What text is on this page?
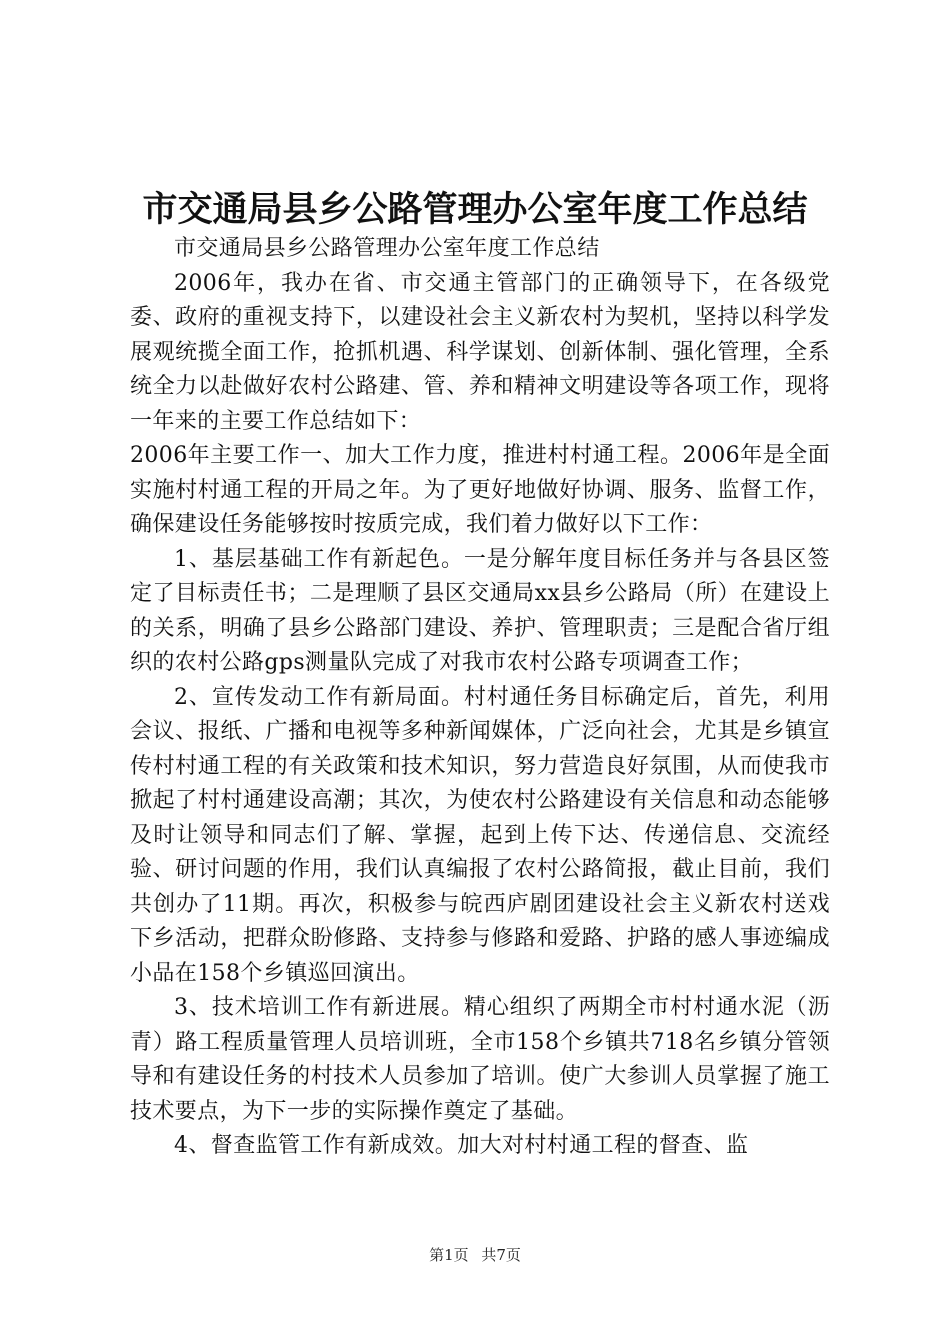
市交通局县乡公路管理办公室年度工作总结

市交通局县乡公路管理办公室年度工作总结

2006年，我办在省、市交通主管部门的正确领导下，在各级党委、政府的重视支持下，以建设社会主义新农村为契机，坚持以科学发展观统揽全面工作，抢抓机遇、科学谋划、创新体制、强化管理，全系统全力以赴做好农村公路建、管、养和精神文明建设等各项工作，现将一年来的主要工作总结如下：

2006年主要工作一、加大工作力度，推进村村通工程。2006年是全面实施村村通工程的开局之年。为了更好地做好协调、服务、监督工作，确保建设任务能够按时按质完成，我们着力做好以下工作：

1、基层基础工作有新起色。一是分解年度目标任务并与各县区签定了目标责任书；二是理顺了县区交通局xx县乡公路局（所）在建设上的关系，明确了县乡公路部门建设、养护、管理职责；三是配合省厅组织的农村公路gps测量队完成了对我市农村公路专项调查工作；

2、宣传发动工作有新局面。村村通任务目标确定后，首先，利用会议、报纸、广播和电视等多种新闻媒体，广泛向社会，尤其是乡镇宣传村村通工程的有关政策和技术知识，努力营造良好氛围，从而使我市掀起了村村通建设高潮；其次，为使农村公路建设有关信息和动态能够及时让领导和同志们了解、掌握，起到上传下达、传递信息、交流经验、研讨问题的作用，我们认真编报了农村公路简报，截止目前，我们共创办了11期。再次，积极参与皖西庐剧团建设社会主义新农村送戏下乡活动，把群众盼修路、支持参与修路和爱路、护路的感人事迹编成小品在158个乡镇巡回演出。

3、技术培训工作有新进展。精心组织了两期全市村村通水泥（沥青）路工程质量管理人员培训班，全市158个乡镇共718名乡镇分管领导和有建设任务的村技术人员参加了培训。使广大参训人员掌握了施工技术要点，为下一步的实际操作奠定了基础。

4、督查监管工作有新成效。加大对村村通工程的督查、监

第1页 共7页
